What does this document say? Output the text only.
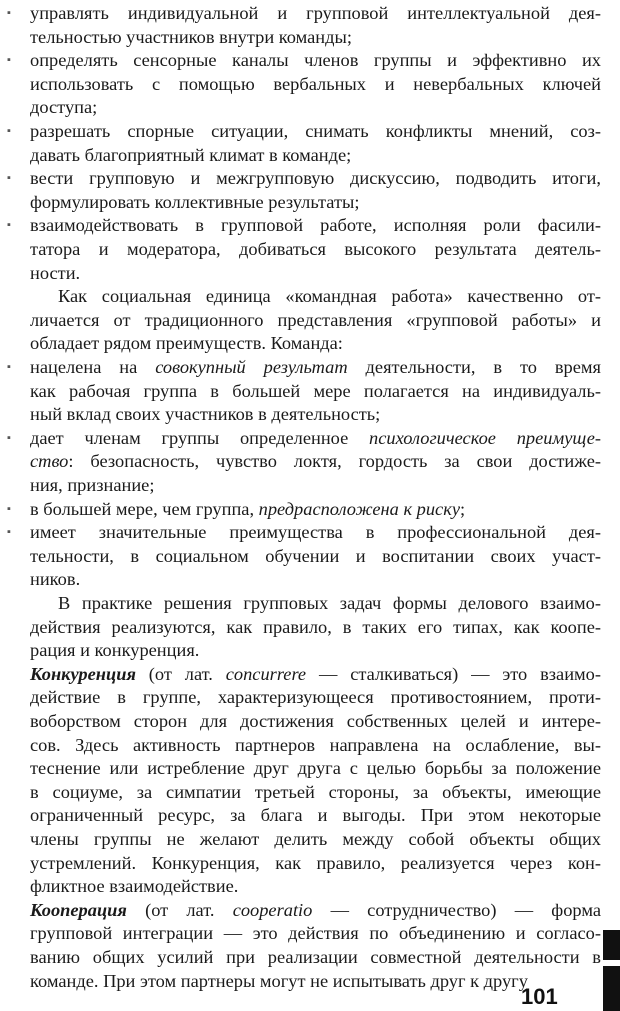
▪ управлять индивидуальной и групповой интеллектуальной дея-
тельностью участников внутри команды;
▪ определять сенсорные каналы членов группы и эффективно их
использовать с помощью вербальных и невербальных ключей
доступа;
▪ разрешать спорные ситуации, снимать конфликты мнений, соз-
давать благоприятный климат в команде;
▪ вести групповую и межгрупповую дискуссию, подводить итоги,
формулировать коллективные результаты;
▪ взаимодействовать в групповой работе, исполняя роли фасили-
татора и модератора, добиваться высокого результата деятель-
ности.
Как социальная единица «командная работа» качественно от-
личается от традиционного представления «групповой работы» и
обладает рядом преимуществ. Команда:
▪ нацелена на совокупный результат деятельности, в то время
как рабочая группа в большей мере полагается на индивидуаль-
ный вклад своих участников в деятельность;
▪ дает членам группы определенное психологическое преимуще-
ство: безопасность, чувство локтя, гордость за свои достиже-
ния, признание;
▪ в большей мере, чем группа, предрасположена к риску;
▪ имеет значительные преимущества в профессиональной дея-
тельности, в социальном обучении и воспитании своих участ-
ников.
В практике решения групповых задач формы делового взаимо-
действия реализуются, как правило, в таких его типах, как коопе-
рация и конкуренция.
Конкуренция (от лат. concurrere — сталкиваться) — это взаимо-
действие в группе, характеризующееся противостоянием, проти-
воборством сторон для достижения собственных целей и интере-
сов. Здесь активность партнеров направлена на ослабление, вы-
теснение или истребление друг друга с целью борьбы за положение
в социуме, за симпатии третьей стороны, за объекты, имеющие
ограниченный ресурс, за блага и выгоды. При этом некоторые
члены группы не желают делить между собой объекты общих
устремлений. Конкуренция, как правило, реализуется через кон-
фликтное взаимодействие.
Кооперация (от лат. cooperatio — сотрудничество) — форма
групповой интеграции — это действия по объединению и согласо-
ванию общих усилий при реализации совместной деятельности в
команде. При этом партнеры могут не испытывать друг к другу
101
